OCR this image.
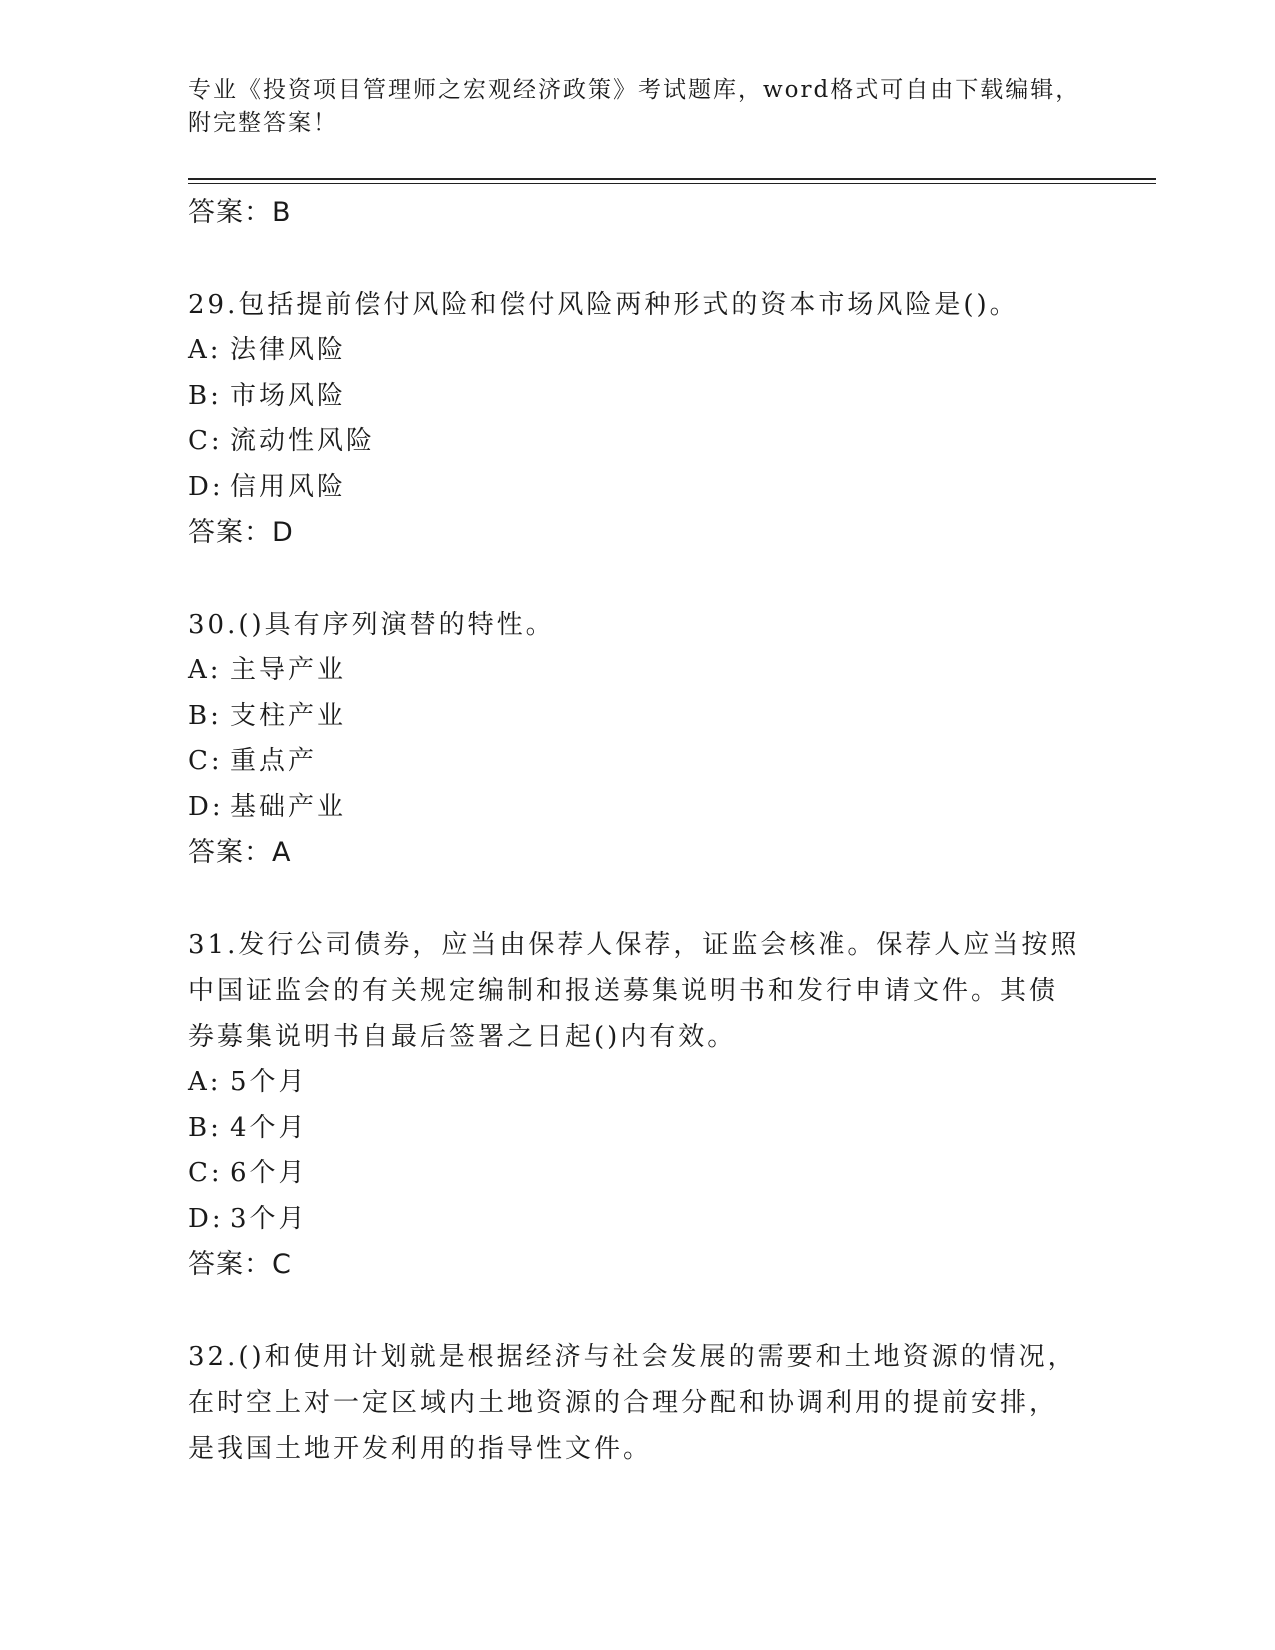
专业《投资项目管理师之宏观经济政策》考试题库，word格式可自由下载编辑，
附完整答案！
答案：B
29.包括提前偿付风险和偿付风险两种形式的资本市场风险是()。
A: 法律风险
B: 市场风险
C: 流动性风险
D: 信用风险
答案：D
30.()具有序列演替的特性。
A: 主导产业
B: 支柱产业
C: 重点产
D: 基础产业
答案：A
31.发行公司债券，应当由保荐人保荐，证监会核准。保荐人应当按照
中国证监会的有关规定编制和报送募集说明书和发行申请文件。其债
券募集说明书自最后签署之日起()内有效。
A: 5个月
B: 4个月
C: 6个月
D: 3个月
答案：C
32.()和使用计划就是根据经济与社会发展的需要和土地资源的情况，
在时空上对一定区域内土地资源的合理分配和协调利用的提前安排，
是我国土地开发利用的指导性文件。
